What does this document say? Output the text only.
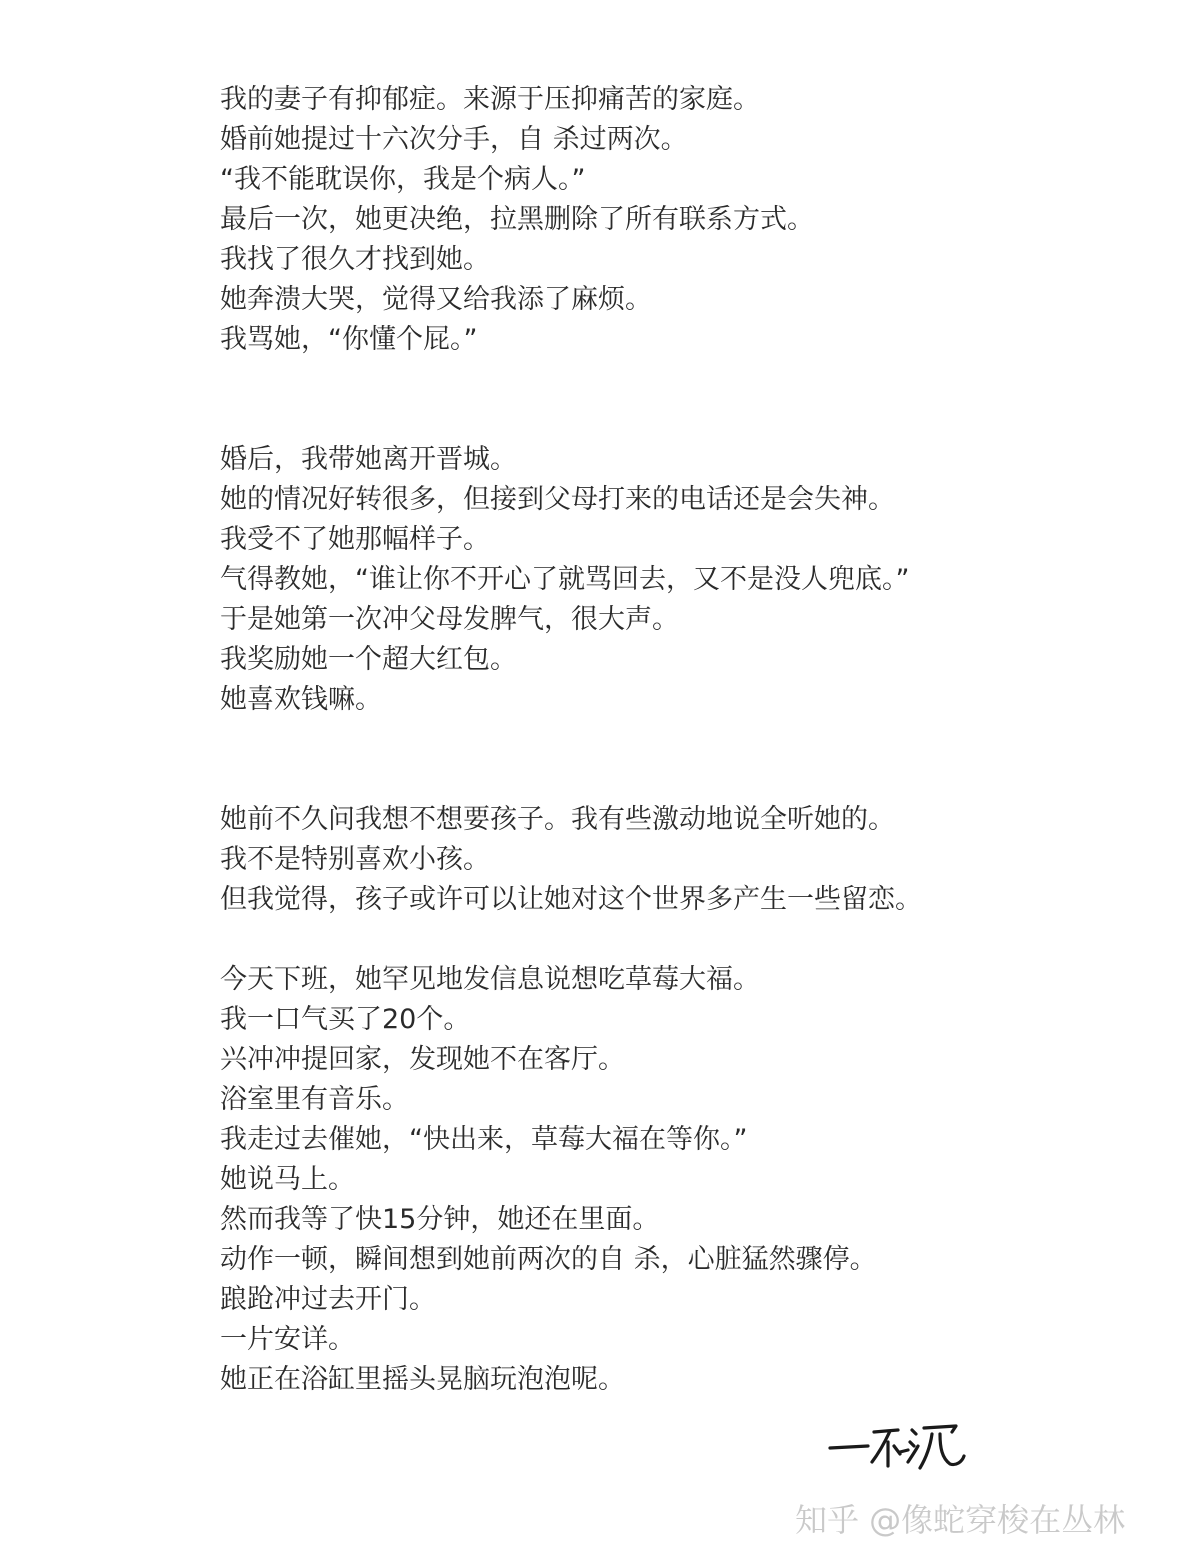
我的妻子有抑郁症。来源于压抑痛苦的家庭。
婚前她提过十六次分手，自 杀过两次。
“我不能耽误你，我是个病人。”
最后一次，她更决绝，拉黑删除了所有联系方式。
我找了很久才找到她。
她奔溃大哭，觉得又给我添了麻烦。
我骂她，“你懂个屁。”
婚后，我带她离开晋城。
她的情况好转很多，但接到父母打来的电话还是会失神。
我受不了她那幅样子。
气得教她，“谁让你不开心了就骂回去，又不是没人兜底。”
于是她第一次冲父母发脾气，很大声。
我奖励她一个超大红包。
她喜欢钱嘛。
她前不久问我想不想要孩子。我有些激动地说全听她的。
我不是特别喜欢小孩。
但我觉得，孩子或许可以让她对这个世界多产生一些留恋。
今天下班，她罕见地发信息说想吃草莓大福。
我一口气买了20个。
兴冲冲提回家，发现她不在客厅。
浴室里有音乐。
我走过去催她，“快出来，草莓大福在等你。”
她说马上。
然而我等了快15分钟，她还在里面。
动作一顿，瞬间想到她前两次的自 杀，心脏猛然骤停。
踉跄冲过去开门。
一片安详。
她正在浴缸里摇头晃脑玩泡泡呢。
知乎 @像蛇穿梭在丛林
